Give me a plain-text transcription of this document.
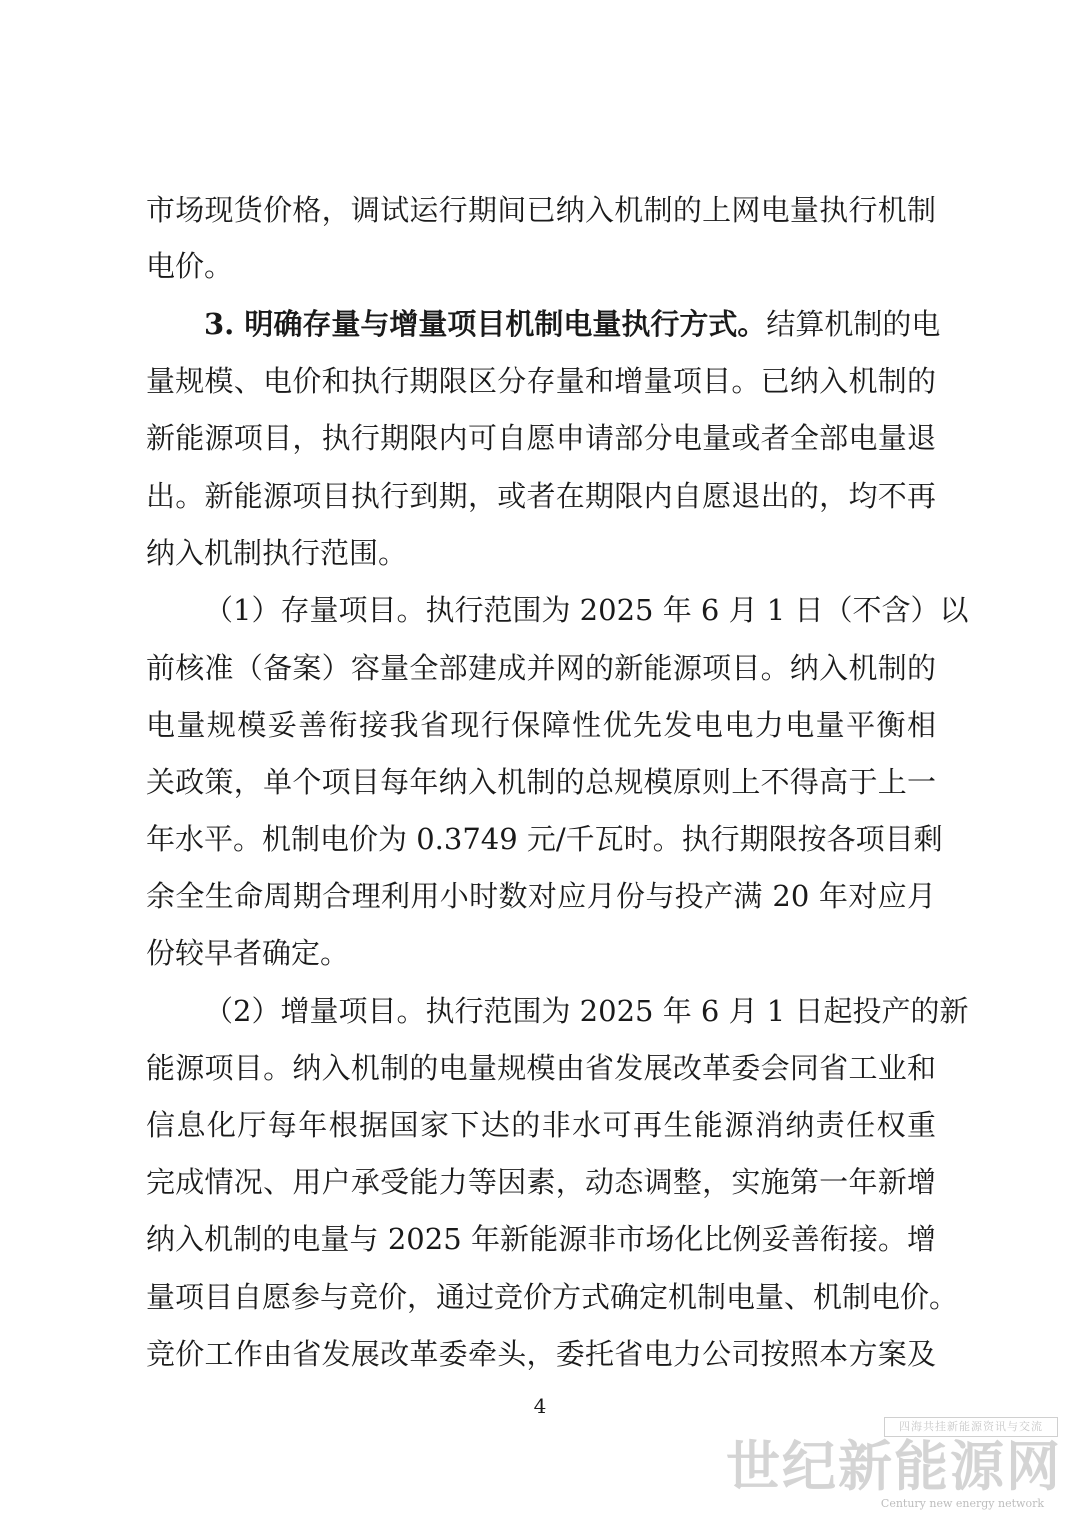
市场现货价格，调试运行期间已纳入机制的上网电量执行机制
电价。
3. 明确存量与增量项目机制电量执行方式。结算机制的电
量规模、电价和执行期限区分存量和增量项目。已纳入机制的
新能源项目，执行期限内可自愿申请部分电量或者全部电量退
出。新能源项目执行到期，或者在期限内自愿退出的，均不再
纳入机制执行范围。
（1）存量项目。执行范围为 2025 年 6 月 1 日（不含）以
前核准（备案）容量全部建成并网的新能源项目。纳入机制的
电量规模妥善衔接我省现行保障性优先发电电力电量平衡相
关政策，单个项目每年纳入机制的总规模原则上不得高于上一
年水平。机制电价为 0.3749 元/千瓦时。执行期限按各项目剩
余全生命周期合理利用小时数对应月份与投产满 20 年对应月
份较早者确定。
（2）增量项目。执行范围为 2025 年 6 月 1 日起投产的新
能源项目。纳入机制的电量规模由省发展改革委会同省工业和
信息化厅每年根据国家下达的非水可再生能源消纳责任权重
完成情况、用户承受能力等因素，动态调整，实施第一年新增
纳入机制的电量与 2025 年新能源非市场化比例妥善衔接。增
量项目自愿参与竞价，通过竞价方式确定机制电量、机制电价。
竞价工作由省发展改革委牵头，委托省电力公司按照本方案及
4
四海共挂新能源资讯与交流
世纪新能源网
Century new energy network
